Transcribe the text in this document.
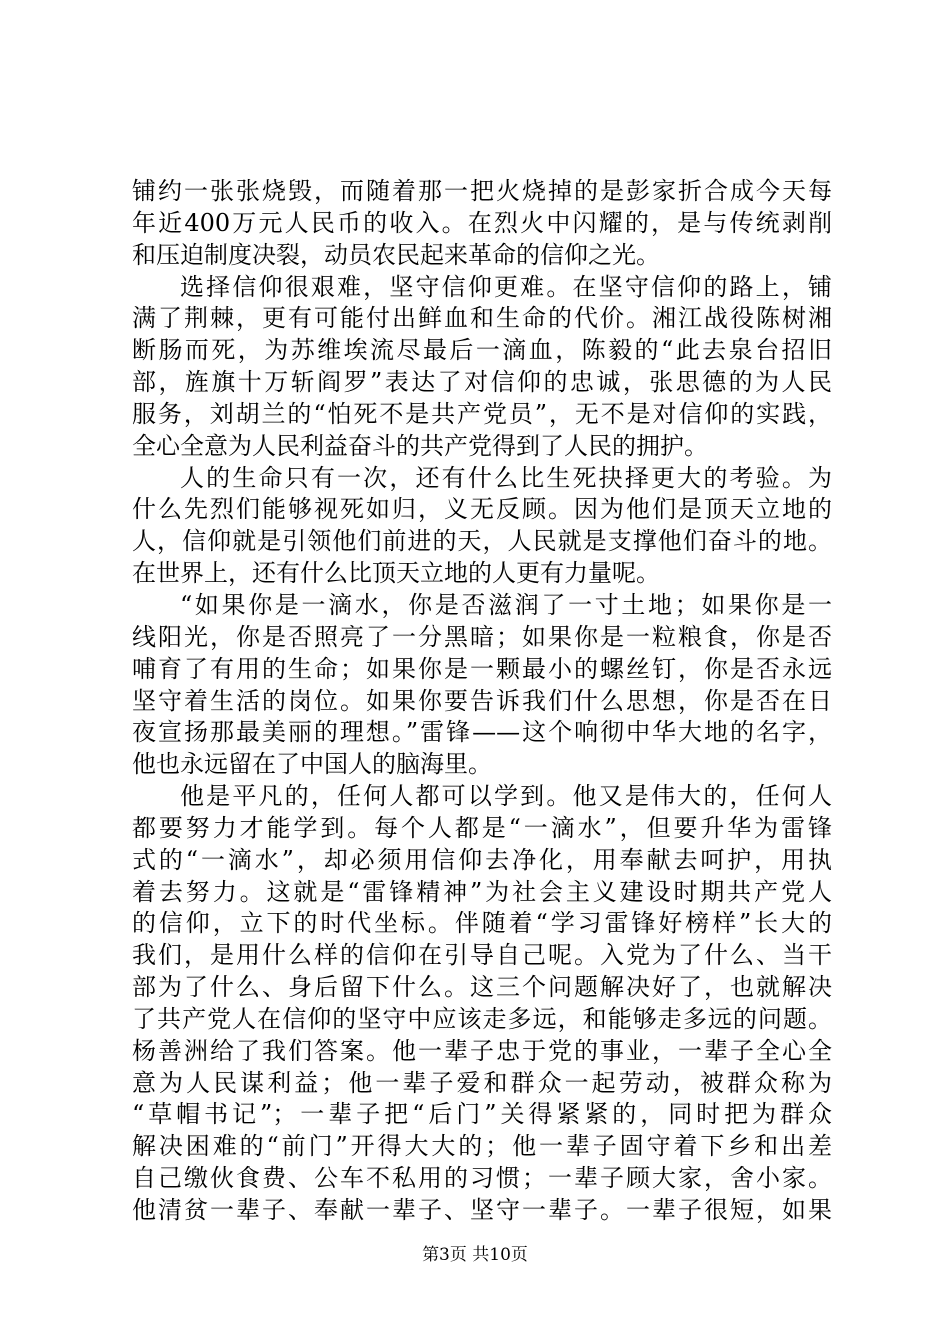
铺约一张张烧毁，而随着那一把火烧掉的是彭家折合成今天每
年近400万元人民币的收入。在烈火中闪耀的，是与传统剥削
和压迫制度决裂，动员农民起来革命的信仰之光。
选择信仰很艰难，坚守信仰更难。在坚守信仰的路上，铺
满了荆棘，更有可能付出鲜血和生命的代价。湘江战役陈树湘
断肠而死，为苏维埃流尽最后一滴血，陈毅的“此去泉台招旧
部，旌旗十万斩阎罗”表达了对信仰的忠诚，张思德的为人民
服务，刘胡兰的“怕死不是共产党员”，无不是对信仰的实践，
全心全意为人民利益奋斗的共产党得到了人民的拥护。
人的生命只有一次，还有什么比生死抉择更大的考验。为
什么先烈们能够视死如归，义无反顾。因为他们是顶天立地的
人，信仰就是引领他们前进的天，人民就是支撑他们奋斗的地。
在世界上，还有什么比顶天立地的人更有力量呢。
“如果你是一滴水，你是否滋润了一寸土地；如果你是一
线阳光，你是否照亮了一分黑暗；如果你是一粒粮食，你是否
哺育了有用的生命；如果你是一颗最小的螺丝钉，你是否永远
坚守着生活的岗位。如果你要告诉我们什么思想，你是否在日
夜宣扬那最美丽的理想。”雷锋——这个响彻中华大地的名字，
他也永远留在了中国人的脑海里。
他是平凡的，任何人都可以学到。他又是伟大的，任何人
都要努力才能学到。每个人都是“一滴水”，但要升华为雷锋
式的“一滴水”，却必须用信仰去净化，用奉献去呵护，用执
着去努力。这就是“雷锋精神”为社会主义建设时期共产党人
的信仰，立下的时代坐标。伴随着“学习雷锋好榜样”长大的
我们，是用什么样的信仰在引导自己呢。入党为了什么、当干
部为了什么、身后留下什么。这三个问题解决好了，也就解决
了共产党人在信仰的坚守中应该走多远，和能够走多远的问题。
杨善洲给了我们答案。他一辈子忠于党的事业，一辈子全心全
意为人民谋利益；他一辈子爱和群众一起劳动，被群众称为
“草帽书记”；一辈子把“后门”关得紧紧的，同时把为群众
解决困难的“前门”开得大大的；他一辈子固守着下乡和出差
自己缴伙食费、公车不私用的习惯；一辈子顾大家，舍小家。
他清贫一辈子、奉献一辈子、坚守一辈子。一辈子很短，如果
第3页 共10页
